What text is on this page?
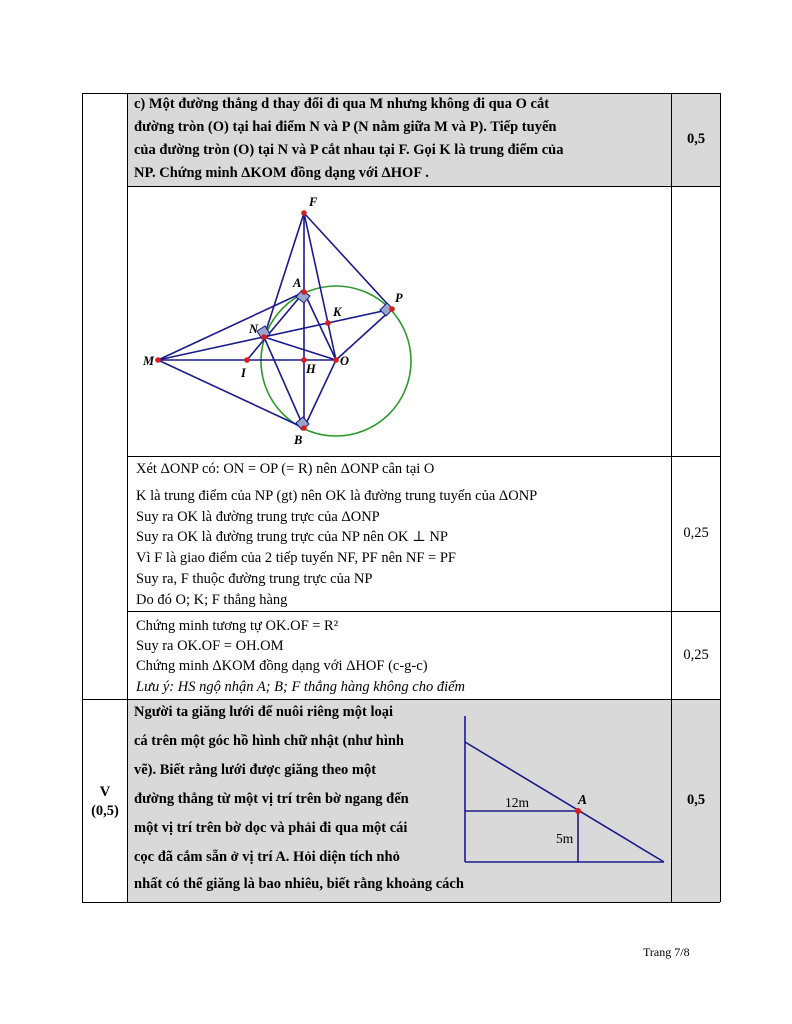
c) Một đường thẳng d thay đổi đi qua M nhưng không đi qua O cắt
đường tròn (O) tại hai điểm N và P (N nằm giữa M và P). Tiếp tuyến
của đường tròn (O) tại N và P cắt nhau tại F. Gọi K là trung điểm của
NP. Chứng minh ΔKOM đồng dạng với ΔHOF .
0,5
F
A
P
K
N
M
I	H
O
B
Xét ΔONP có: ON = OP (= R) nên ΔONP cân tại O
K là trung điểm của NP (gt) nên OK là đường trung tuyến của ΔONP
Suy ra OK là đường trung trực của ΔONP
Suy ra OK là đường trung trực của NP nên OK ⊥ NP
Vì F là giao điểm của 2 tiếp tuyến NF, PF nên NF = PF
Suy ra, F thuộc đường trung trực của NP
Do đó O; K; F thẳng hàng
0,25
Chứng minh tương tự OK.OF = R²
Suy ra OK.OF = OH.OM
Chứng minh ΔKOM đồng dạng với ΔHOF (c-g-c)
Lưu ý: HS ngộ nhận A; B; F thẳng hàng không cho điểm
0,25
V
(0,5)
Người ta giăng lưới để nuôi riêng một loại
cá trên một góc hồ hình chữ nhật (như hình
vẽ). Biết rằng lưới được giăng theo một
đường thẳng từ một vị trí trên bờ ngang đến
một vị trí trên bờ dọc và phải đi qua một cái
cọc đã cắm sẵn ở vị trí A. Hỏi diện tích nhỏ
nhất có thể giăng là bao nhiêu, biết rằng khoảng cách
0,5
12m
5m
A
Trang 7/8
